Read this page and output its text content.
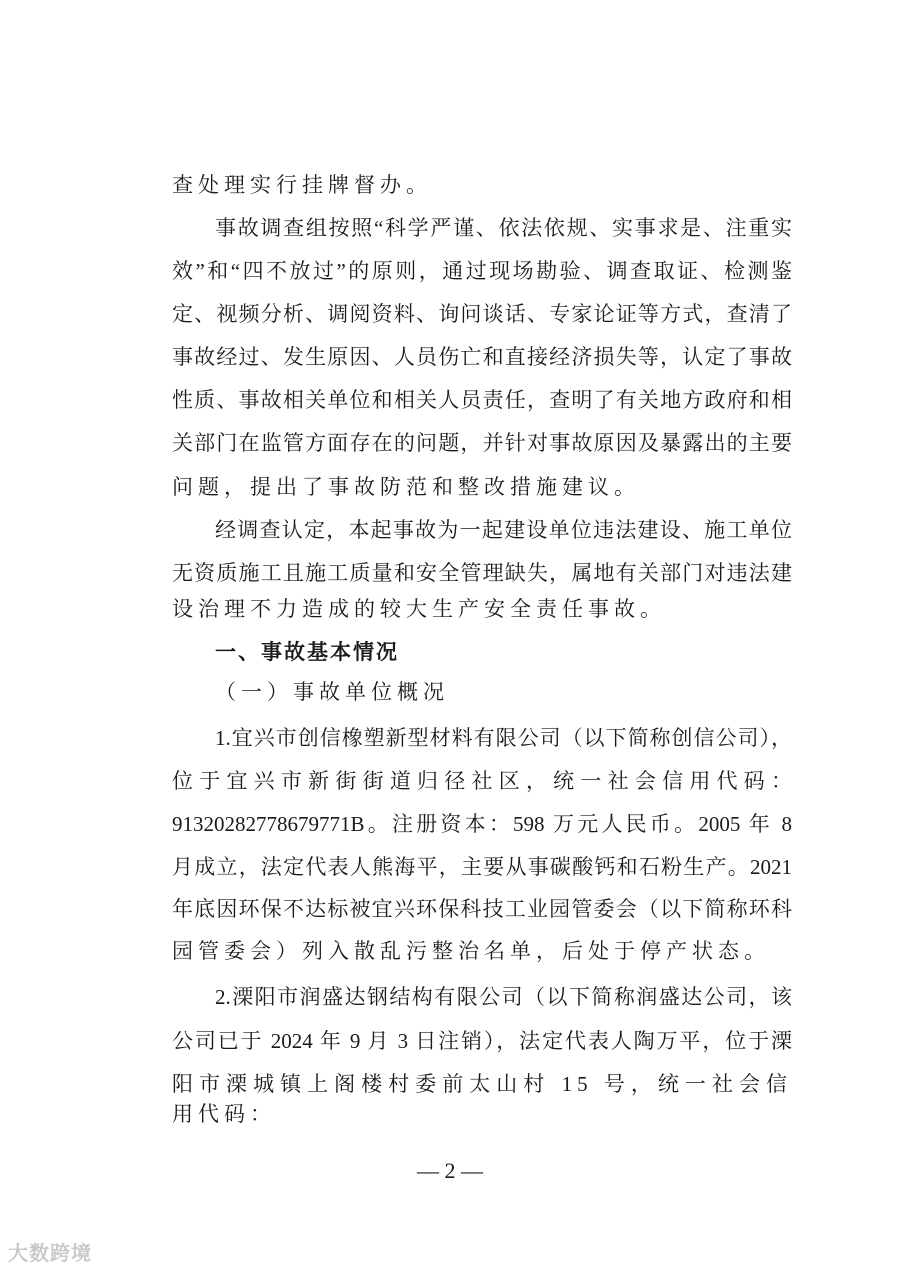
查处理实行挂牌督办。
事故调查组按照“科学严谨、依法依规、实事求是、注重实
效”和“四不放过”的原则，通过现场勘验、调查取证、检测鉴
定、视频分析、调阅资料、询问谈话、专家论证等方式，查清了
事故经过、发生原因、人员伤亡和直接经济损失等，认定了事故
性质、事故相关单位和相关人员责任，查明了有关地方政府和相
关部门在监管方面存在的问题，并针对事故原因及暴露出的主要
问题，提出了事故防范和整改措施建议。
经调查认定，本起事故为一起建设单位违法建设、施工单位
无资质施工且施工质量和安全管理缺失，属地有关部门对违法建
设治理不力造成的较大生产安全责任事故。
一、事故基本情况
（一）事故单位概况
1.宜兴市创信橡塑新型材料有限公司（以下简称创信公司），
位于宜兴市新街街道归径社区，统一社会信用代码：
91320282778679771B。注册资本：598 万元人民币。2005 年 8
月成立，法定代表人熊海平，主要从事碳酸钙和石粉生产。2021
年底因环保不达标被宜兴环保科技工业园管委会（以下简称环科
园管委会）列入散乱污整治名单，后处于停产状态。
2.溧阳市润盛达钢结构有限公司（以下简称润盛达公司，该
公司已于 2024 年 9 月 3 日注销），法定代表人陶万平，位于溧
阳市溧城镇上阁楼村委前太山村 15 号，统一社会信用代码：
— 2 —
大数跨境
